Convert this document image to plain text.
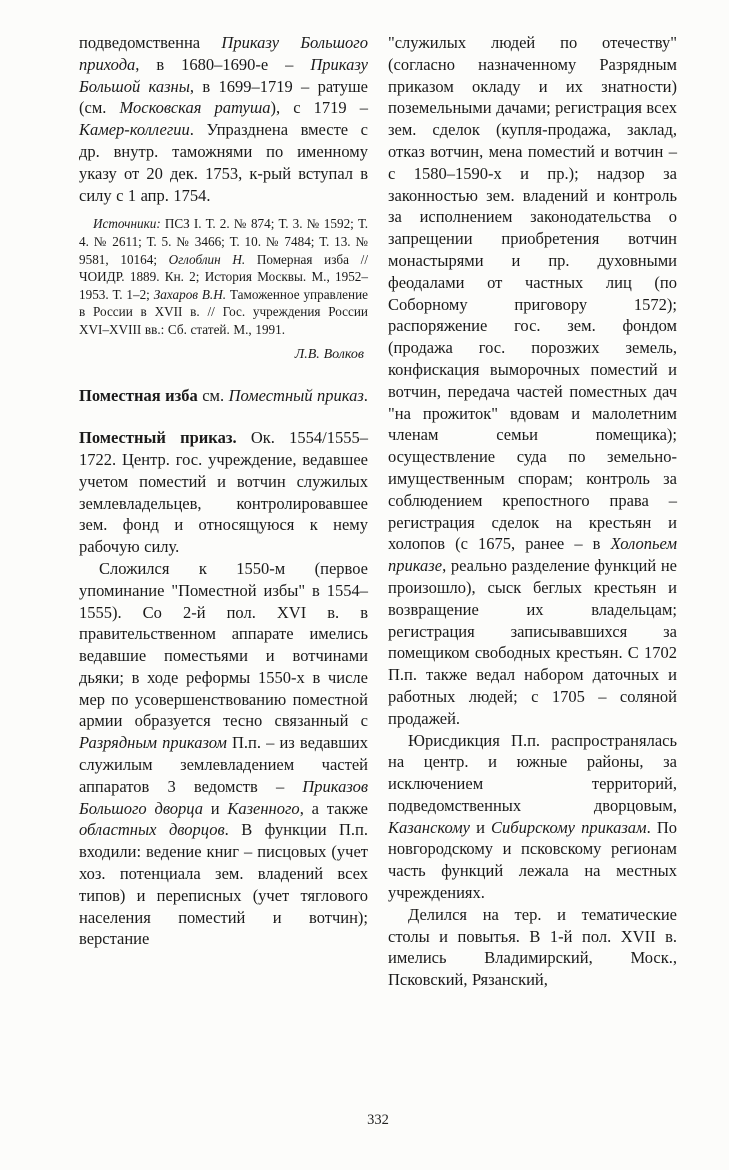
подведомственна Приказу Большого прихода, в 1680–1690-е – Приказу Большой казны, в 1699–1719 – ратуше (см. Московская ратуша), с 1719 – Камер-коллегии. Упразднена вместе с др. внутр. таможнями по именному указу от 20 дек. 1753, к-рый вступал в силу с 1 апр. 1754.

Источники: ПСЗ I. Т. 2. № 874; Т. 3. № 1592; Т. 4. № 2611; Т. 5. № 3466; Т. 10. № 7484; Т. 13. № 9581, 10164; Оглоблин Н. Померная изба // ЧОИДР. 1889. Кн. 2; История Москвы. М., 1952–1953. Т. 1–2; Захаров В.Н. Таможенное управление в России в XVII в. // Гос. учреждения России XVI–XVIII вв.: Сб. статей. М., 1991.

Л.В. Волков

Поместная изба см. Поместный приказ.

Поместный приказ. Ок. 1554/1555–1722. Центр. гос. учреждение, ведавшее учетом поместий и вотчин служилых землевладельцев, контролировавшее зем. фонд и относящуюся к нему рабочую силу.

Сложился к 1550-м (первое упоминание "Поместной избы" в 1554–1555). Со 2-й пол. XVI в. в правительственном аппарате имелись ведавшие поместьями и вотчинами дьяки; в ходе реформы 1550-х в числе мер по усовершенствованию поместной армии образуется тесно связанный с Разрядным приказом П.п. – из ведавших служилым землевладением частей аппаратов 3 ведомств – Приказов Большого дворца и Казенного, а также областных дворцов. В функции П.п. входили: ведение книг – писцовых (учет хоз. потенциала зем. владений всех типов) и переписных (учет тяглового населения поместий и вотчин); верстание

"служилых людей по отечеству" (согласно назначенному Разрядным приказом окладу и их знатности) поземельными дачами; регистрация всех зем. сделок (купля-продажа, заклад, отказ вотчин, мена поместий и вотчин – с 1580–1590-х и пр.); надзор за законностью зем. владений и контроль за исполнением законодательства о запрещении приобретения вотчин монастырями и пр. духовными феодалами от частных лиц (по Соборному приговору 1572); распоряжение гос. зем. фондом (продажа гос. порозжих земель, конфискация выморочных поместий и вотчин, передача частей поместных дач "на прожиток" вдовам и малолетним членам семьи помещика); осуществление суда по земельно-имущественным спорам; контроль за соблюдением крепостного права – регистрация сделок на крестьян и холопов (с 1675, ранее – в Холопьем приказе, реально разделение функций не произошло), сыск беглых крестьян и возвращение их владельцам; регистрация записывавшихся за помещиком свободных крестьян. С 1702 П.п. также ведал набором даточных и работных людей; с 1705 – соляной продажей.

Юрисдикция П.п. распространялась на центр. и южные районы, за исключением территорий, подведомственных дворцовым, Казанскому и Сибирскому приказам. По новгородскому и псковскому регионам часть функций лежала на местных учреждениях.

Делился на тер. и тематические столы и повытья. В 1-й пол. XVII в. имелись Владимирский, Моск., Псковский, Рязанский,

332
